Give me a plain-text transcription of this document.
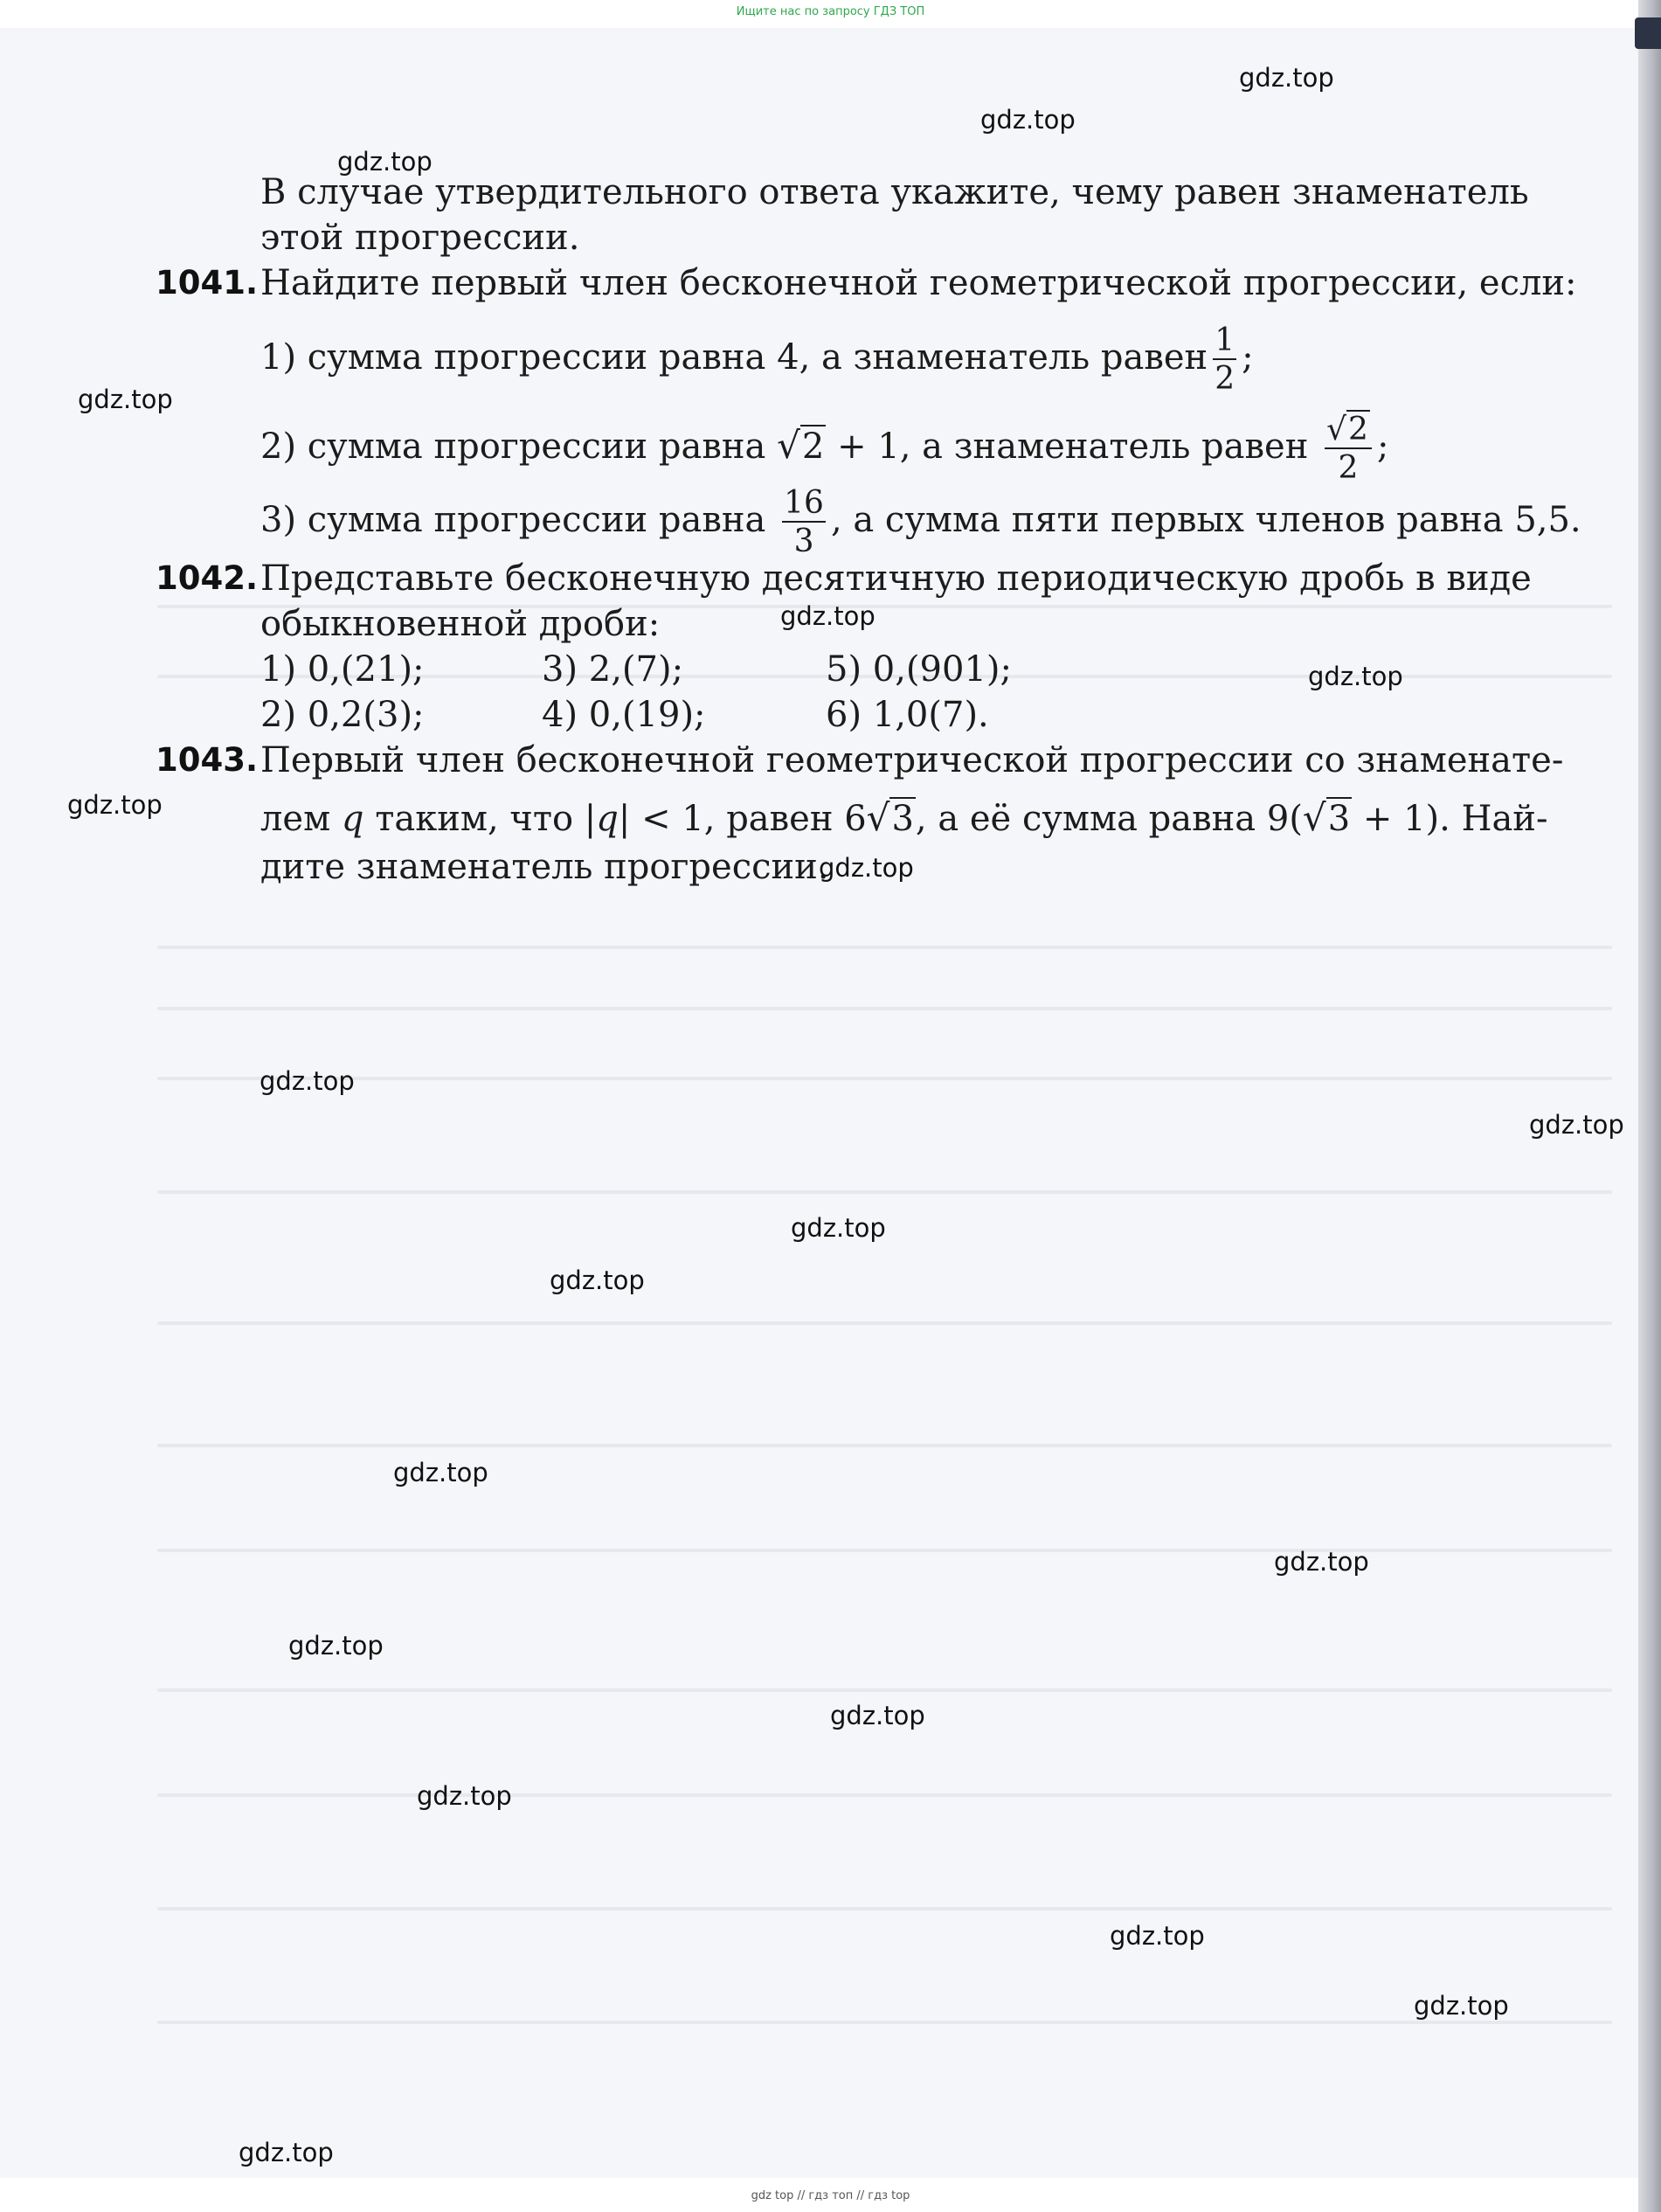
Ищите нас по запросу ГДЗ ТОП
В случае утвердительного ответа укажите, чему равен знаменатель
этой прогрессии.
1041. Найдите первый член бесконечной геометрической прогрессии, если:
1) сумма прогрессии равна 4, а знаменатель равен $\frac{1}{2}$ ;
2) сумма прогрессии равна √2 + 1, а знаменатель равен $\frac{√2}{2}$ ;
3) сумма прогрессии равна $\frac{16}{3}$ , а сумма пяти первых членов равна 5,5.
1042. Представьте бесконечную десятичную периодическую дробь в виде
обыкновенной дроби:
1) 0,(21);
2) 0,2(3);
3) 2,(7);
4) 0,(19);
5) 0,(901);
6) 1,0(7).
1043. Первый член бесконечной геометрической прогрессии со знаменате-
лем q таким, что |q| < 1, равен 6√3, а её сумма равна 9(√3 + 1). Най-
дите знаменатель прогрессии.
gdz.top
gdz.top
gdz.top
gdz.top
gdz.top
gdz.top
gdz.top
gdz.top
gdz.top
gdz.top
gdz.top
gdz.top
gdz.top
gdz.top
gdz.top
gdz.top
gdz.top
gdz.top
gdz.top
gdz.top
gdz top // гдз топ // гдз top
